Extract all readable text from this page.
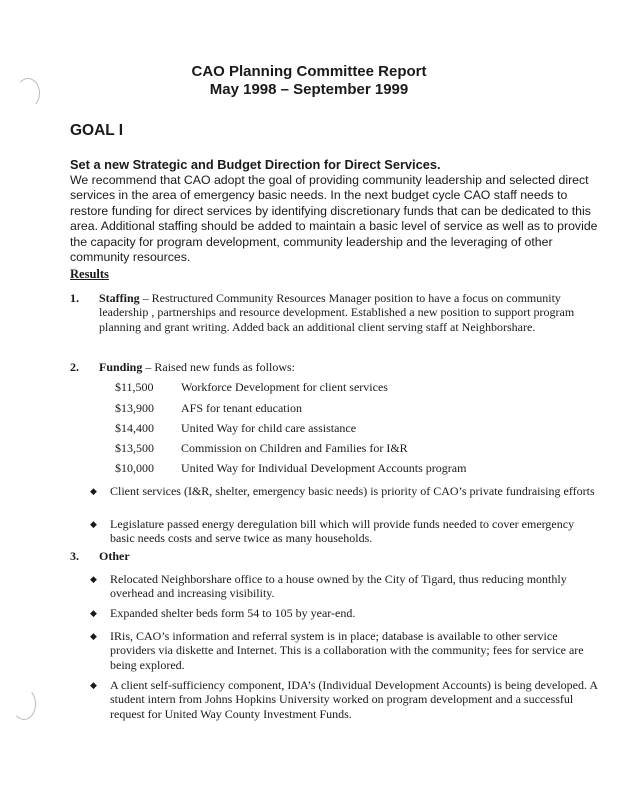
CAO Planning Committee Report
May 1998 – September 1999
GOAL I
Set a new Strategic and Budget Direction for Direct Services.
We recommend that CAO adopt the goal of providing community leadership and selected direct services in the area of emergency basic needs. In the next budget cycle CAO staff needs to restore funding for direct services by identifying discretionary funds that can be dedicated to this area. Additional staffing should be added to maintain a basic level of service as well as to provide the capacity for program development, community leadership and the leveraging of other community resources.
Results
1. Staffing – Restructured Community Resources Manager position to have a focus on community leadership , partnerships and resource development. Established a new position to support program planning and grant writing. Added back an additional client serving staff at Neighborshare.
2. Funding – Raised new funds as follows:
$11,500 Workforce Development for client services
$13,900 AFS for tenant education
$14,400 United Way for child care assistance
$13,500 Commission on Children and Families for I&R
$10,000 United Way for Individual Development Accounts program
◆ Client services (I&R, shelter, emergency basic needs) is priority of CAO’s private fundraising efforts
◆ Legislature passed energy deregulation bill which will provide funds needed to cover emergency basic needs costs and serve twice as many households.
3. Other
◆ Relocated Neighborshare office to a house owned by the City of Tigard, thus reducing monthly overhead and increasing visibility.
◆ Expanded shelter beds form 54 to 105 by year-end.
◆ IRis, CAO’s information and referral system is in place; database is available to other service providers via diskette and Internet. This is a collaboration with the community; fees for service are being explored.
◆ A client self-sufficiency component, IDA’s (Individual Development Accounts) is being developed. A student intern from Johns Hopkins University worked on program development and a successful request for United Way County Investment Funds.
